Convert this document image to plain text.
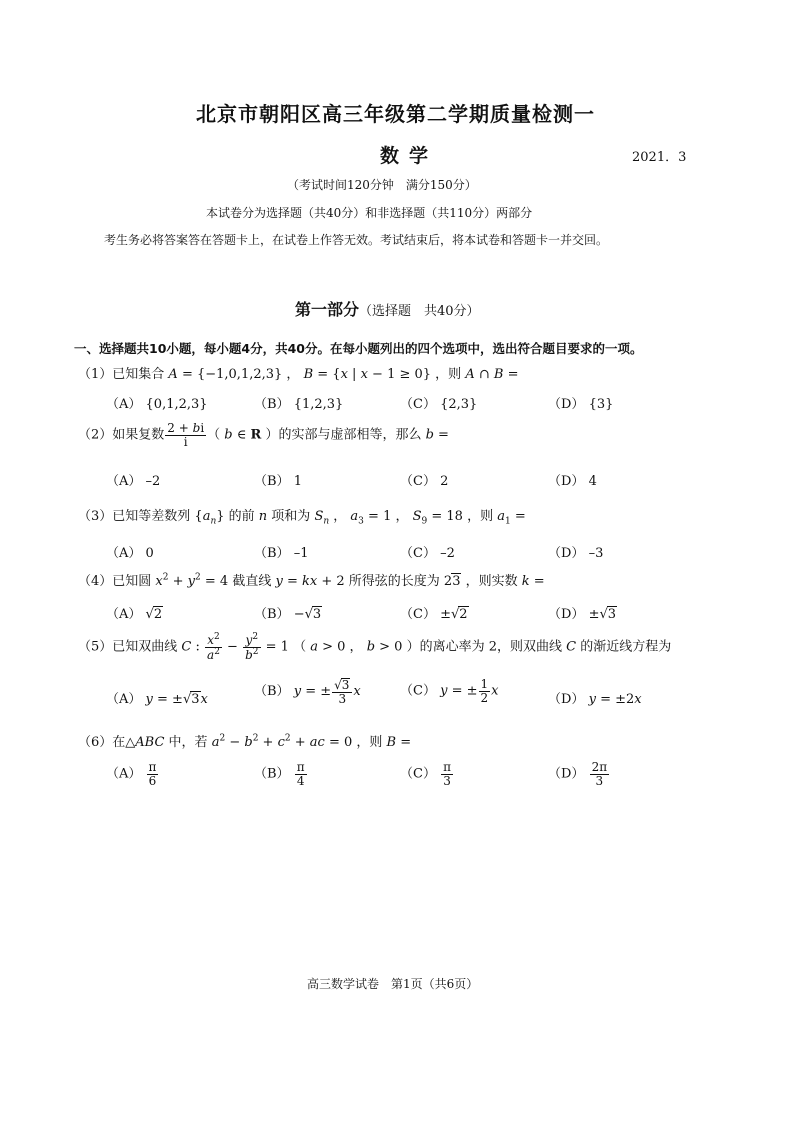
北京市朝阳区高三年级第二学期质量检测一
数学	2021．3
（考试时间120分钟　满分150分）
本试卷分为选择题（共40分）和非选择题（共110分）两部分
考生务必将答案答在答题卡上，在试卷上作答无效。考试结束后，将本试卷和答题卡一并交回。
第一部分（选择题　共40分）
一、选择题共10小题，每小题4分，共40分。在每小题列出的四个选项中，选出符合题目要求的一项。
（1）已知集合 A = {−1,0,1,2,3} ， B = {x | x − 1 ≥ 0} ，则 A ∩ B =
（A） {0,1,2,3}	（B） {1,2,3}	（C） {2,3}	（D） {3}
（2）如果复数 $\frac{2 + bi}{i}$ （ b ∈ R ）的实部与虚部相等，那么 b =
（A） –2	（B） 1	（C） 2	（D） 4
（3）已知等差数列 $\{a_n\}$ 的前 n 项和为 $S_n$ ， $a_3 = 1$ ， $S_9 = 18$ ，则 $a_1$ =
（A） 0	（B） –1	（C） –2	（D） –3
（4）已知圆 $x^2 + y^2 = 4$ 截直线 y = kx + 2 所得弦的长度为 23 ，则实数 k =
（A） √2	（B） −√3	（C） ±√2	（D） ±√3
（5）已知双曲线 C : $\frac{x^2}{a^2} - \frac{y^2}{b^2} = 1$ （ a > 0 ， b > 0 ）的离心率为 2，则双曲线 C 的渐近线方程为
（A） y = ±√3x
（B） y = ± $\frac{√3}{3}$ x	（C） y = ± $\frac{1}{2}$ x
（D） y = ±2x
（6）在△ABC 中，若 $a^2 - b^2 + c^2$ + ac = 0 ，则 B =
$(A) \frac{\pi}{6}$	$(B) \frac{\pi}{4}$	$(C) \frac{\pi}{3}$	$(D) \frac{2\pi}{3}$
高三数学试卷　第1页（共6页）
